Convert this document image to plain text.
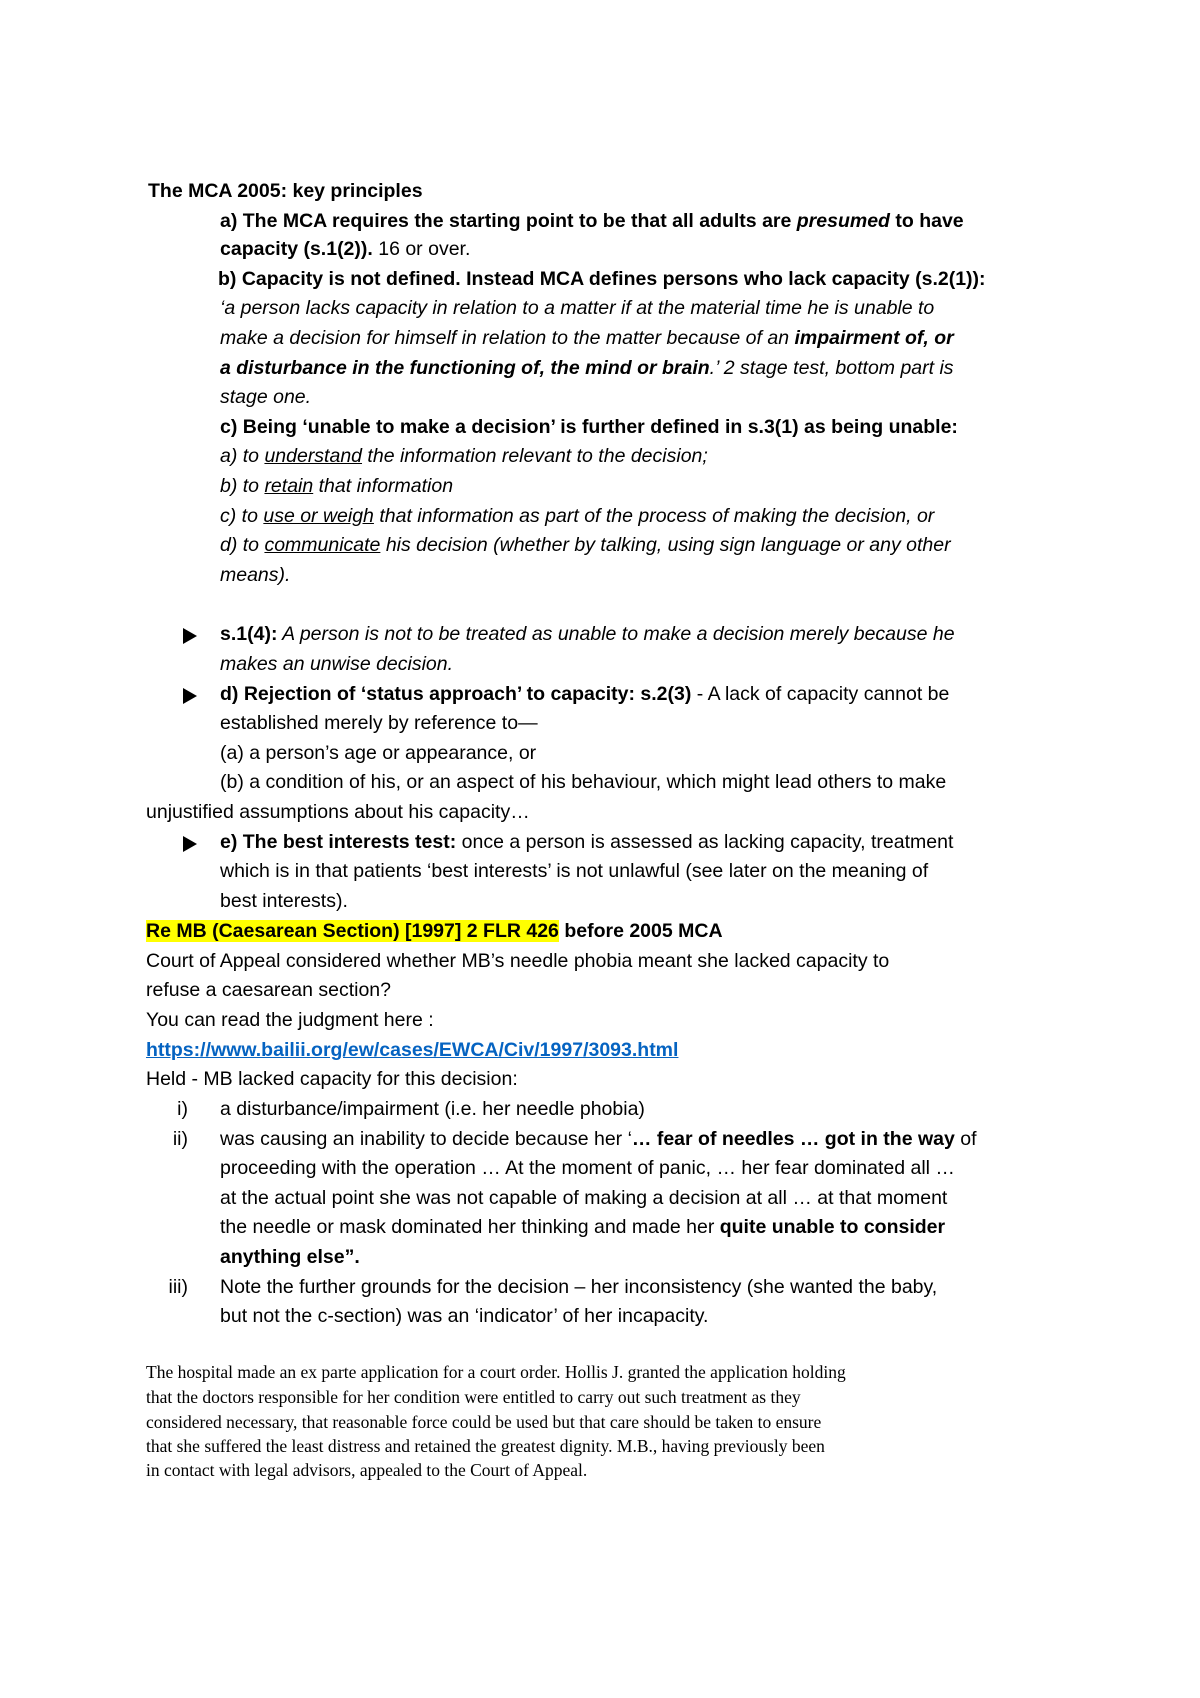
The MCA 2005: key principles
a) The MCA requires the starting point to be that all adults are presumed to have
capacity (s.1(2)). 16 or over.
b) Capacity is not defined. Instead MCA defines persons who lack capacity (s.2(1)):
‘a person lacks capacity in relation to a matter if at the material time he is unable to
make a decision for himself in relation to the matter because of an impairment of, or
a disturbance in the functioning of, the mind or brain.’ 2 stage test, bottom part is
stage one.
c) Being ‘unable to make a decision’ is further defined in s.3(1) as being unable:
a) to understand the information relevant to the decision;
b) to retain that information
c) to use or weigh that information as part of the process of making the decision, or
d) to communicate his decision (whether by talking, using sign language or any other
means).
s.1(4): A person is not to be treated as unable to make a decision merely because he
makes an unwise decision.
d) Rejection of ‘status approach’ to capacity: s.2(3) - A lack of capacity cannot be
established merely by reference to—
(a) a person’s age or appearance, or
(b) a condition of his, or an aspect of his behaviour, which might lead others to make
unjustified assumptions about his capacity…
e) The best interests test: once a person is assessed as lacking capacity, treatment
which is in that patients ‘best interests’ is not unlawful (see later on the meaning of
best interests).
Re MB (Caesarean Section) [1997] 2 FLR 426 before 2005 MCA
Court of Appeal considered whether MB’s needle phobia meant she lacked capacity to
refuse a caesarean section?
You can read the judgment here :
https://www.bailii.org/ew/cases/EWCA/Civ/1997/3093.html
Held - MB lacked capacity for this decision:
i) a disturbance/impairment (i.e. her needle phobia)
ii) was causing an inability to decide because her ‘… fear of needles … got in the way of
proceeding with the operation … At the moment of panic, … her fear dominated all …
at the actual point she was not capable of making a decision at all … at that moment
the needle or mask dominated her thinking and made her quite unable to consider
anything else”.
iii) Note the further grounds for the decision – her inconsistency (she wanted the baby,
but not the c-section) was an ‘indicator’ of her incapacity.
The hospital made an ex parte application for a court order. Hollis J. granted the application holding
that the doctors responsible for her condition were entitled to carry out such treatment as they
considered necessary, that reasonable force could be used but that care should be taken to ensure
that she suffered the least distress and retained the greatest dignity. M.B., having previously been
in contact with legal advisors, appealed to the Court of Appeal.
